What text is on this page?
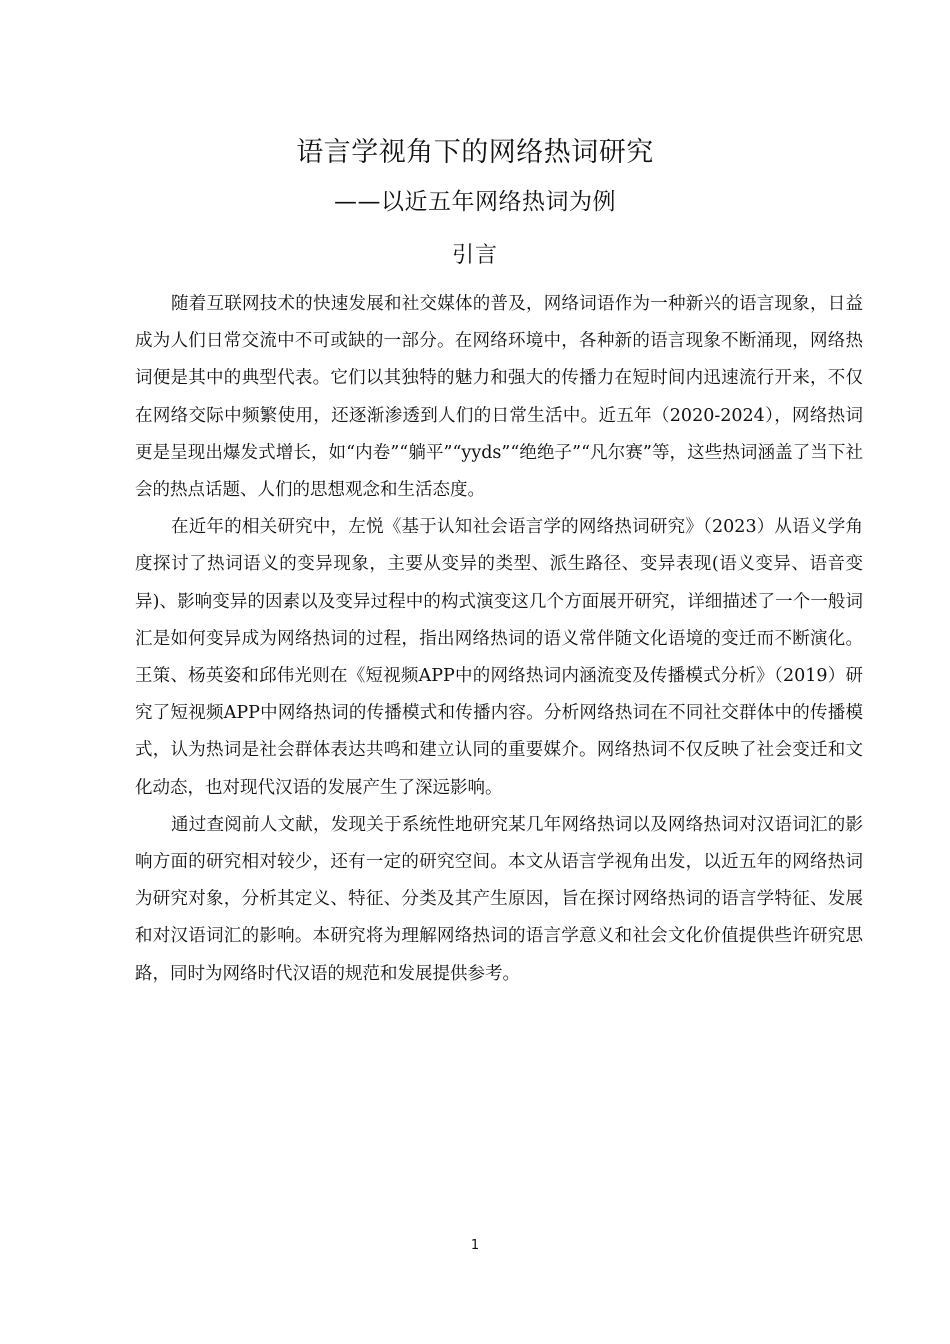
语言学视角下的网络热词研究
——以近五年网络热词为例
引言

随着互联网技术的快速发展和社交媒体的普及，网络词语作为一种新兴的语言现象，日益成为人们日常交流中不可或缺的一部分。在网络环境中，各种新的语言现象不断涌现，网络热词便是其中的典型代表。它们以其独特的魅力和强大的传播力在短时间内迅速流行开来，不仅在网络交际中频繁使用，还逐渐渗透到人们的日常生活中。近五年（2020-2024），网络热词更是呈现出爆发式增长，如“内卷”“躺平”“yyds”“绝绝子”“凡尔赛”等，这些热词涵盖了当下社会的热点话题、人们的思想观念和生活态度。

在近年的相关研究中，左悦《基于认知社会语言学的网络热词研究》（2023）从语义学角度探讨了热词语义的变异现象，主要从变异的类型、派生路径、变异表现(语义变异、语音变异)、影响变异的因素以及变异过程中的构式演变这几个方面展开研究，详细描述了一个一般词汇是如何变异成为网络热词的过程，指出网络热词的语义常伴随文化语境的变迁而不断演化。王策、杨英姿和邱伟光则在《短视频APP中的网络热词内涵流变及传播模式分析》（2019）研究了短视频APP中网络热词的传播模式和传播内容。分析网络热词在不同社交群体中的传播模式，认为热词是社会群体表达共鸣和建立认同的重要媒介。网络热词不仅反映了社会变迁和文化动态，也对现代汉语的发展产生了深远影响。

通过查阅前人文献，发现关于系统性地研究某几年网络热词以及网络热词对汉语词汇的影响方面的研究相对较少，还有一定的研究空间。本文从语言学视角出发，以近五年的网络热词为研究对象，分析其定义、特征、分类及其产生原因，旨在探讨网络热词的语言学特征、发展和对汉语词汇的影响。本研究将为理解网络热词的语言学意义和社会文化价值提供些许研究思路，同时为网络时代汉语的规范和发展提供参考。

1
